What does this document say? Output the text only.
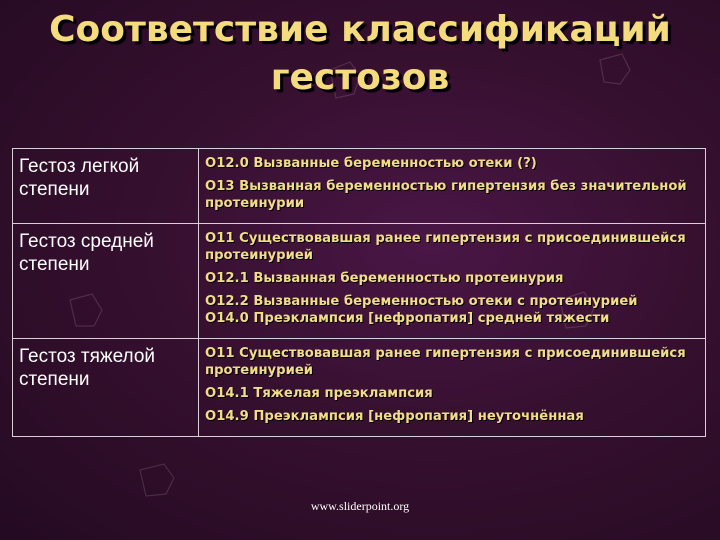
Соответствие классификаций гестозов
Гестоз легкой степени	О12.0 Вызванные беременностью отеки (?)
О13 Вызванная беременностью гипертензия без значительной протеинурии

Гестоз средней степени	О11 Существовавшая ранее гипертензия с присоединившейся протеинурией
О12.1 Вызванная беременностью протеинурия
О12.2 Вызванные беременностью отеки с протеинурией
О14.0 Преэклампсия [нефропатия] средней тяжести

Гестоз тяжелой степени	О11 Существовавшая ранее гипертензия с присоединившейся протеинурией
О14.1 Тяжелая преэклампсия
О14.9 Преэклампсия [нефропатия] неуточнённая
www.sliderpoint.org
